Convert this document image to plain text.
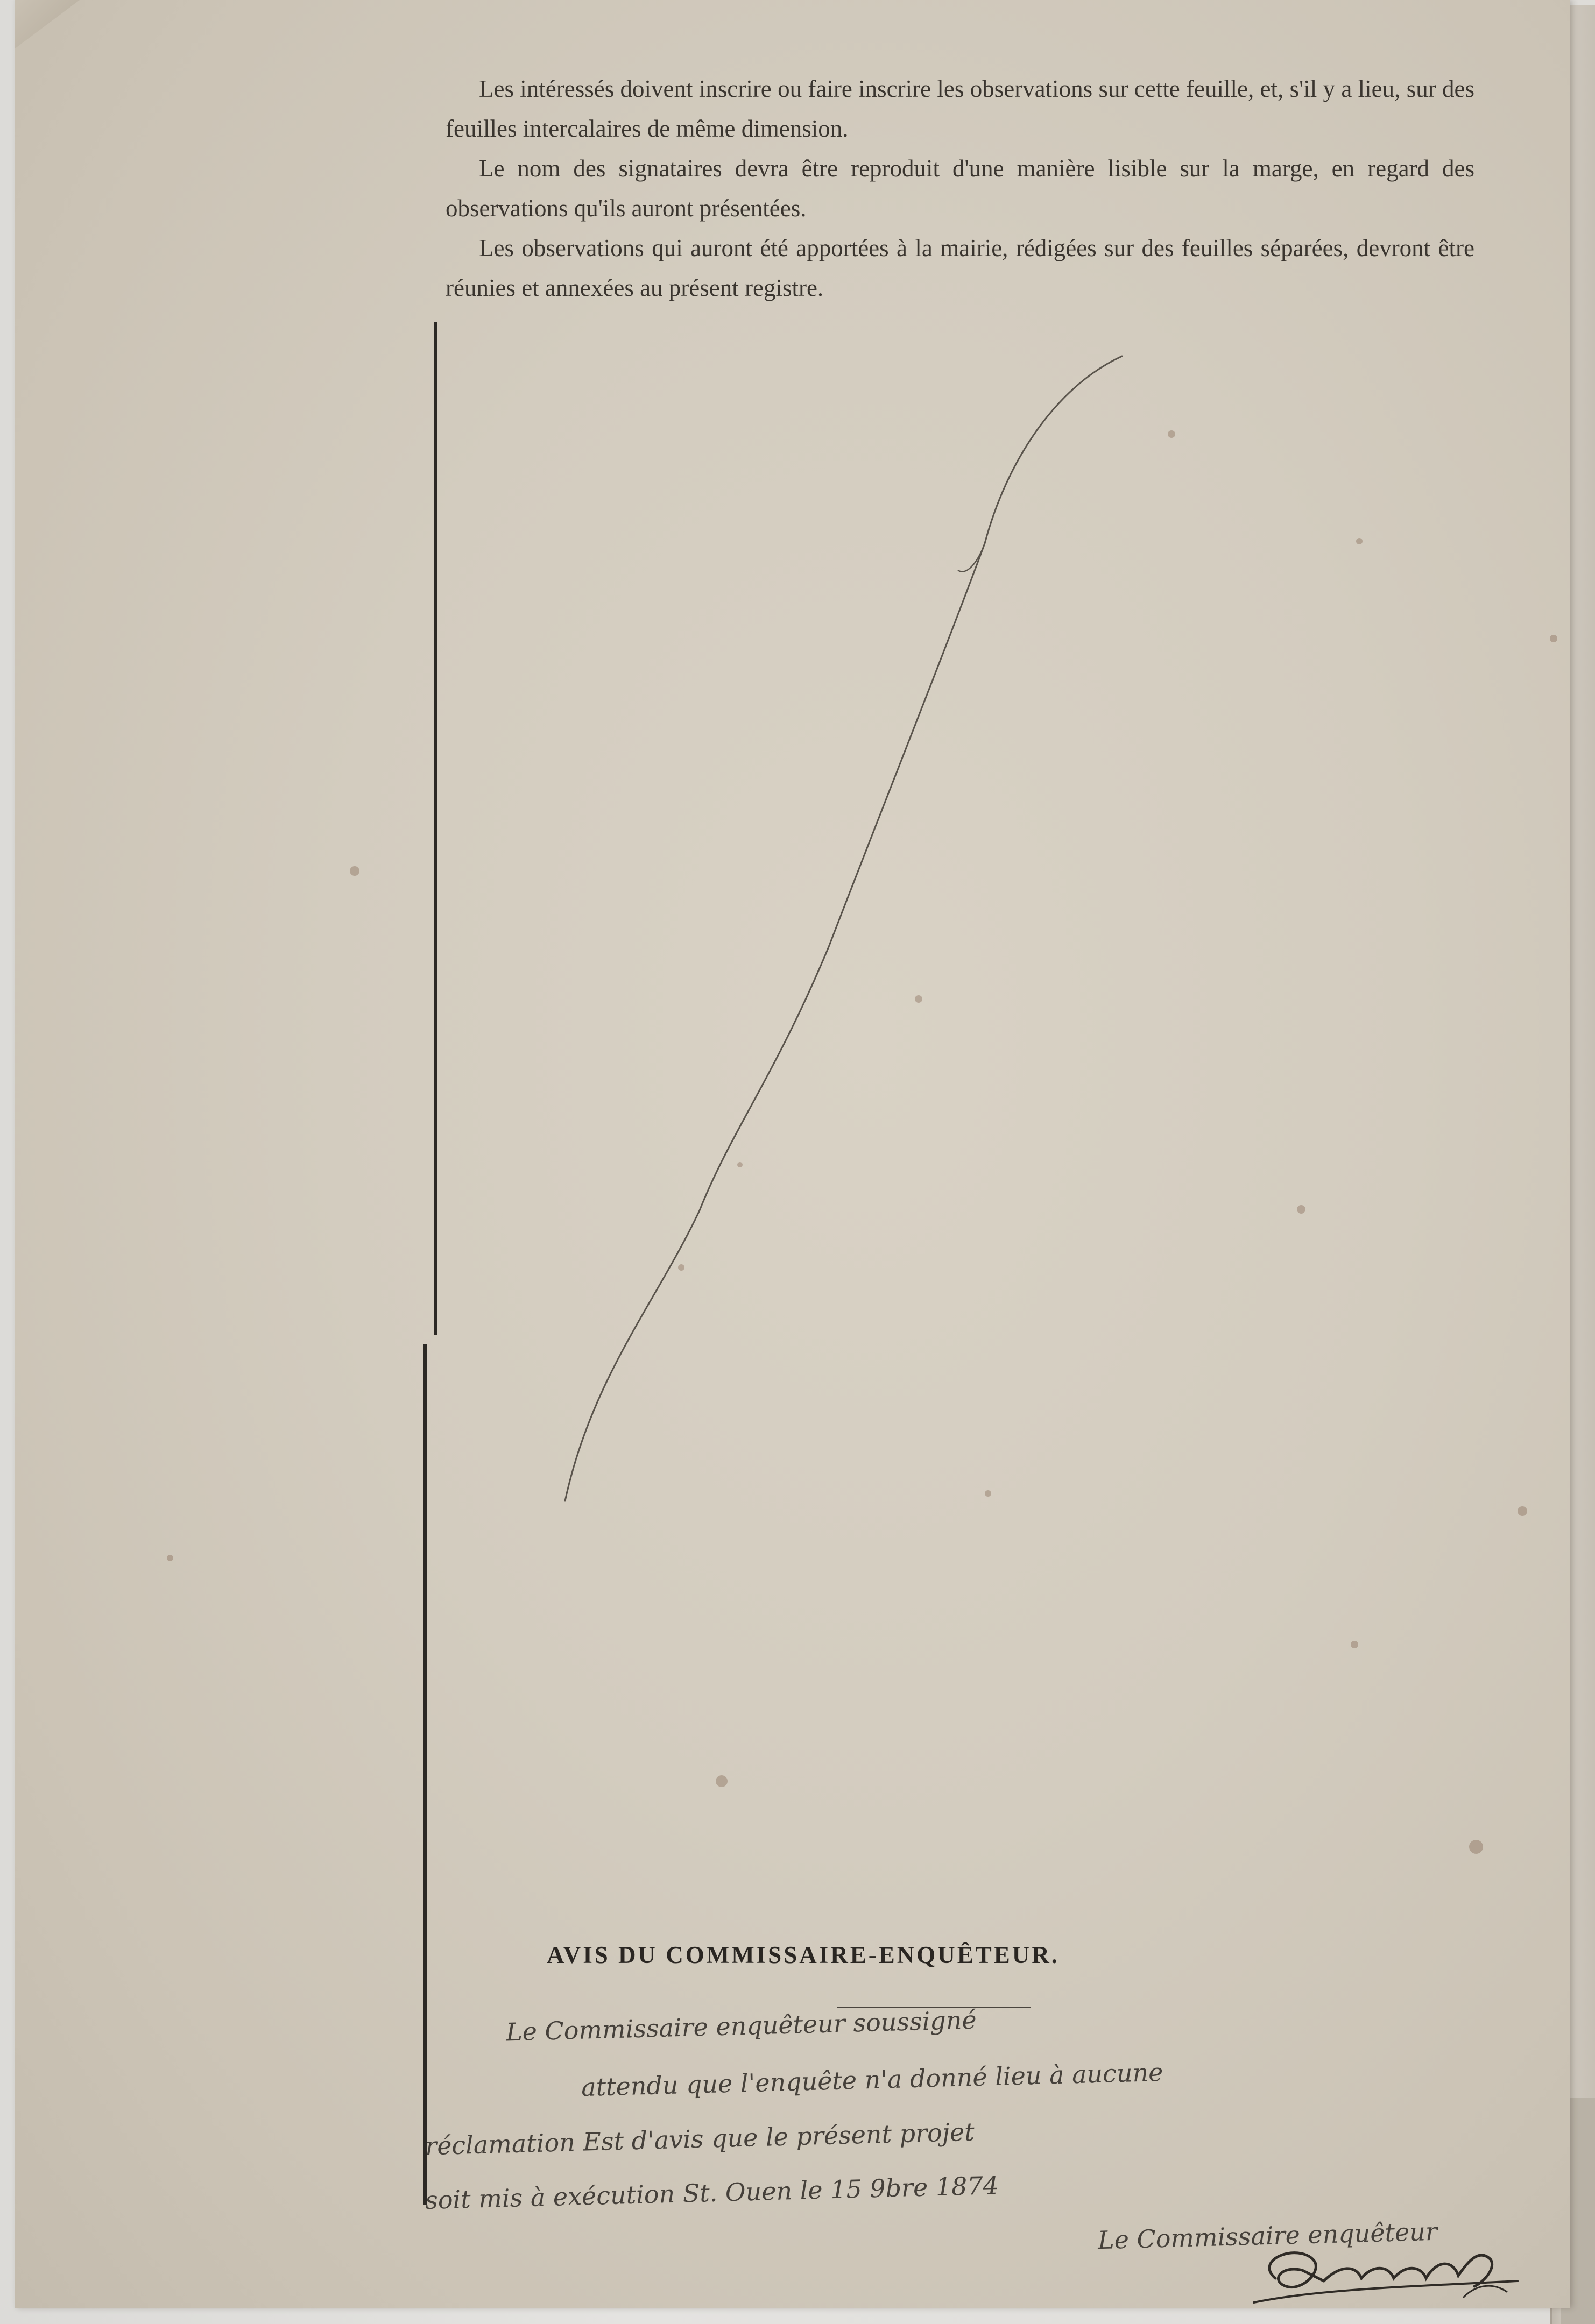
Les intéressés doivent inscrire ou faire inscrire les observations sur cette feuille, et, s'il y a lieu, sur des feuilles intercalaires de même dimension.

Le nom des signataires devra être reproduit d'une manière lisible sur la marge, en regard des observations qu'ils auront présentées.

Les observations qui auront été apportées à la mairie, rédigées sur des feuilles séparées, devront être réunies et annexées au présent registre.

AVIS DU COMMISSAIRE-ENQUÊTEUR.
Le Commissaire enquêteur soussigné
attendu que l'enquête n'a donné lieu à aucune
réclamation Est d'avis que le présent projet
soit mis à exécution St. Ouen le 15 9bre 1874
Le Commissaire enquêteur
